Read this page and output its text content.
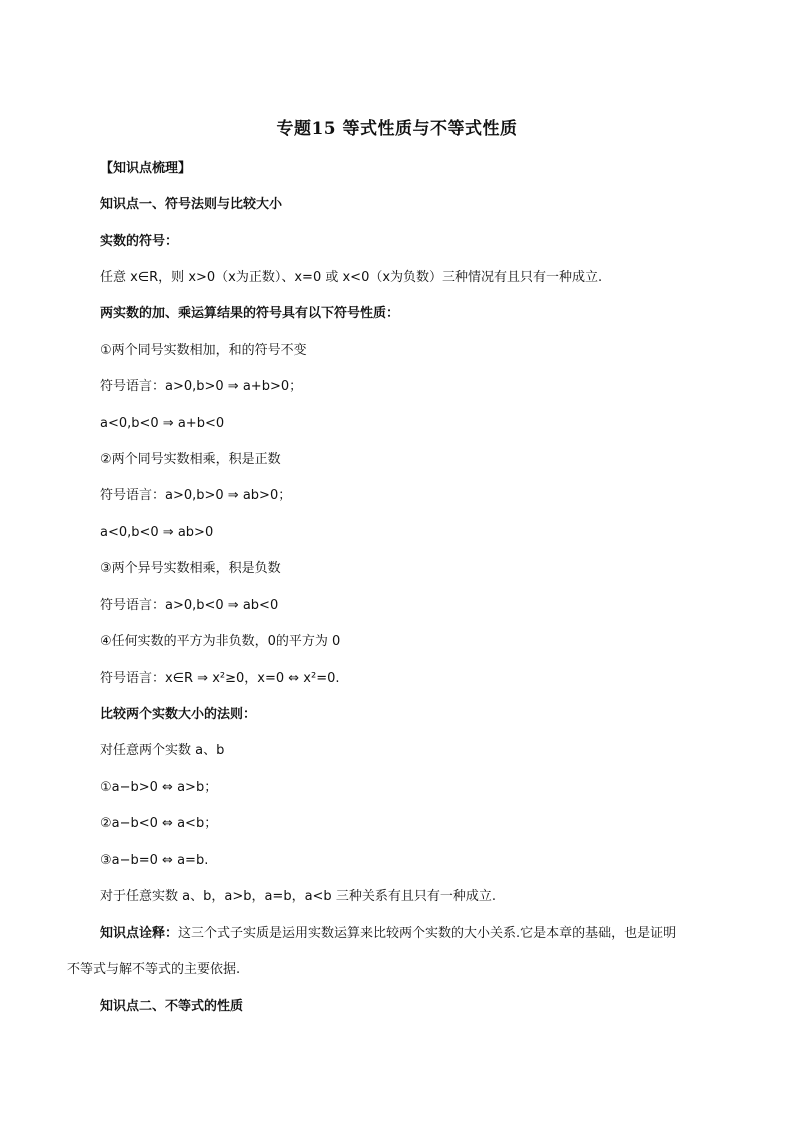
专题15 等式性质与不等式性质
【知识点梳理】
知识点一、符号法则与比较大小
实数的符号：
任意 x∈R，则 x>0（x为正数）、x=0 或 x<0（x为负数）三种情况有且只有一种成立.
两实数的加、乘运算结果的符号具有以下符号性质：
①两个同号实数相加，和的符号不变
符号语言：a>0,b>0 ⇒ a+b>0；
a<0,b<0 ⇒ a+b<0
②两个同号实数相乘，积是正数
符号语言：a>0,b>0 ⇒ ab>0；
a<0,b<0 ⇒ ab>0
③两个异号实数相乘，积是负数
符号语言：a>0,b<0 ⇒ ab<0
④任何实数的平方为非负数，0的平方为 0
符号语言：x∈R ⇒ x²≥0，x=0 ⇔ x²=0.
比较两个实数大小的法则：
对任意两个实数 a、b
①a−b>0 ⇔ a>b；
②a−b<0 ⇔ a<b；
③a−b=0 ⇔ a=b.
对于任意实数 a、b，a>b，a=b，a<b 三种关系有且只有一种成立.
知识点诠释：这三个式子实质是运用实数运算来比较两个实数的大小关系.它是本章的基础，也是证明
不等式与解不等式的主要依据.
知识点二、不等式的性质
